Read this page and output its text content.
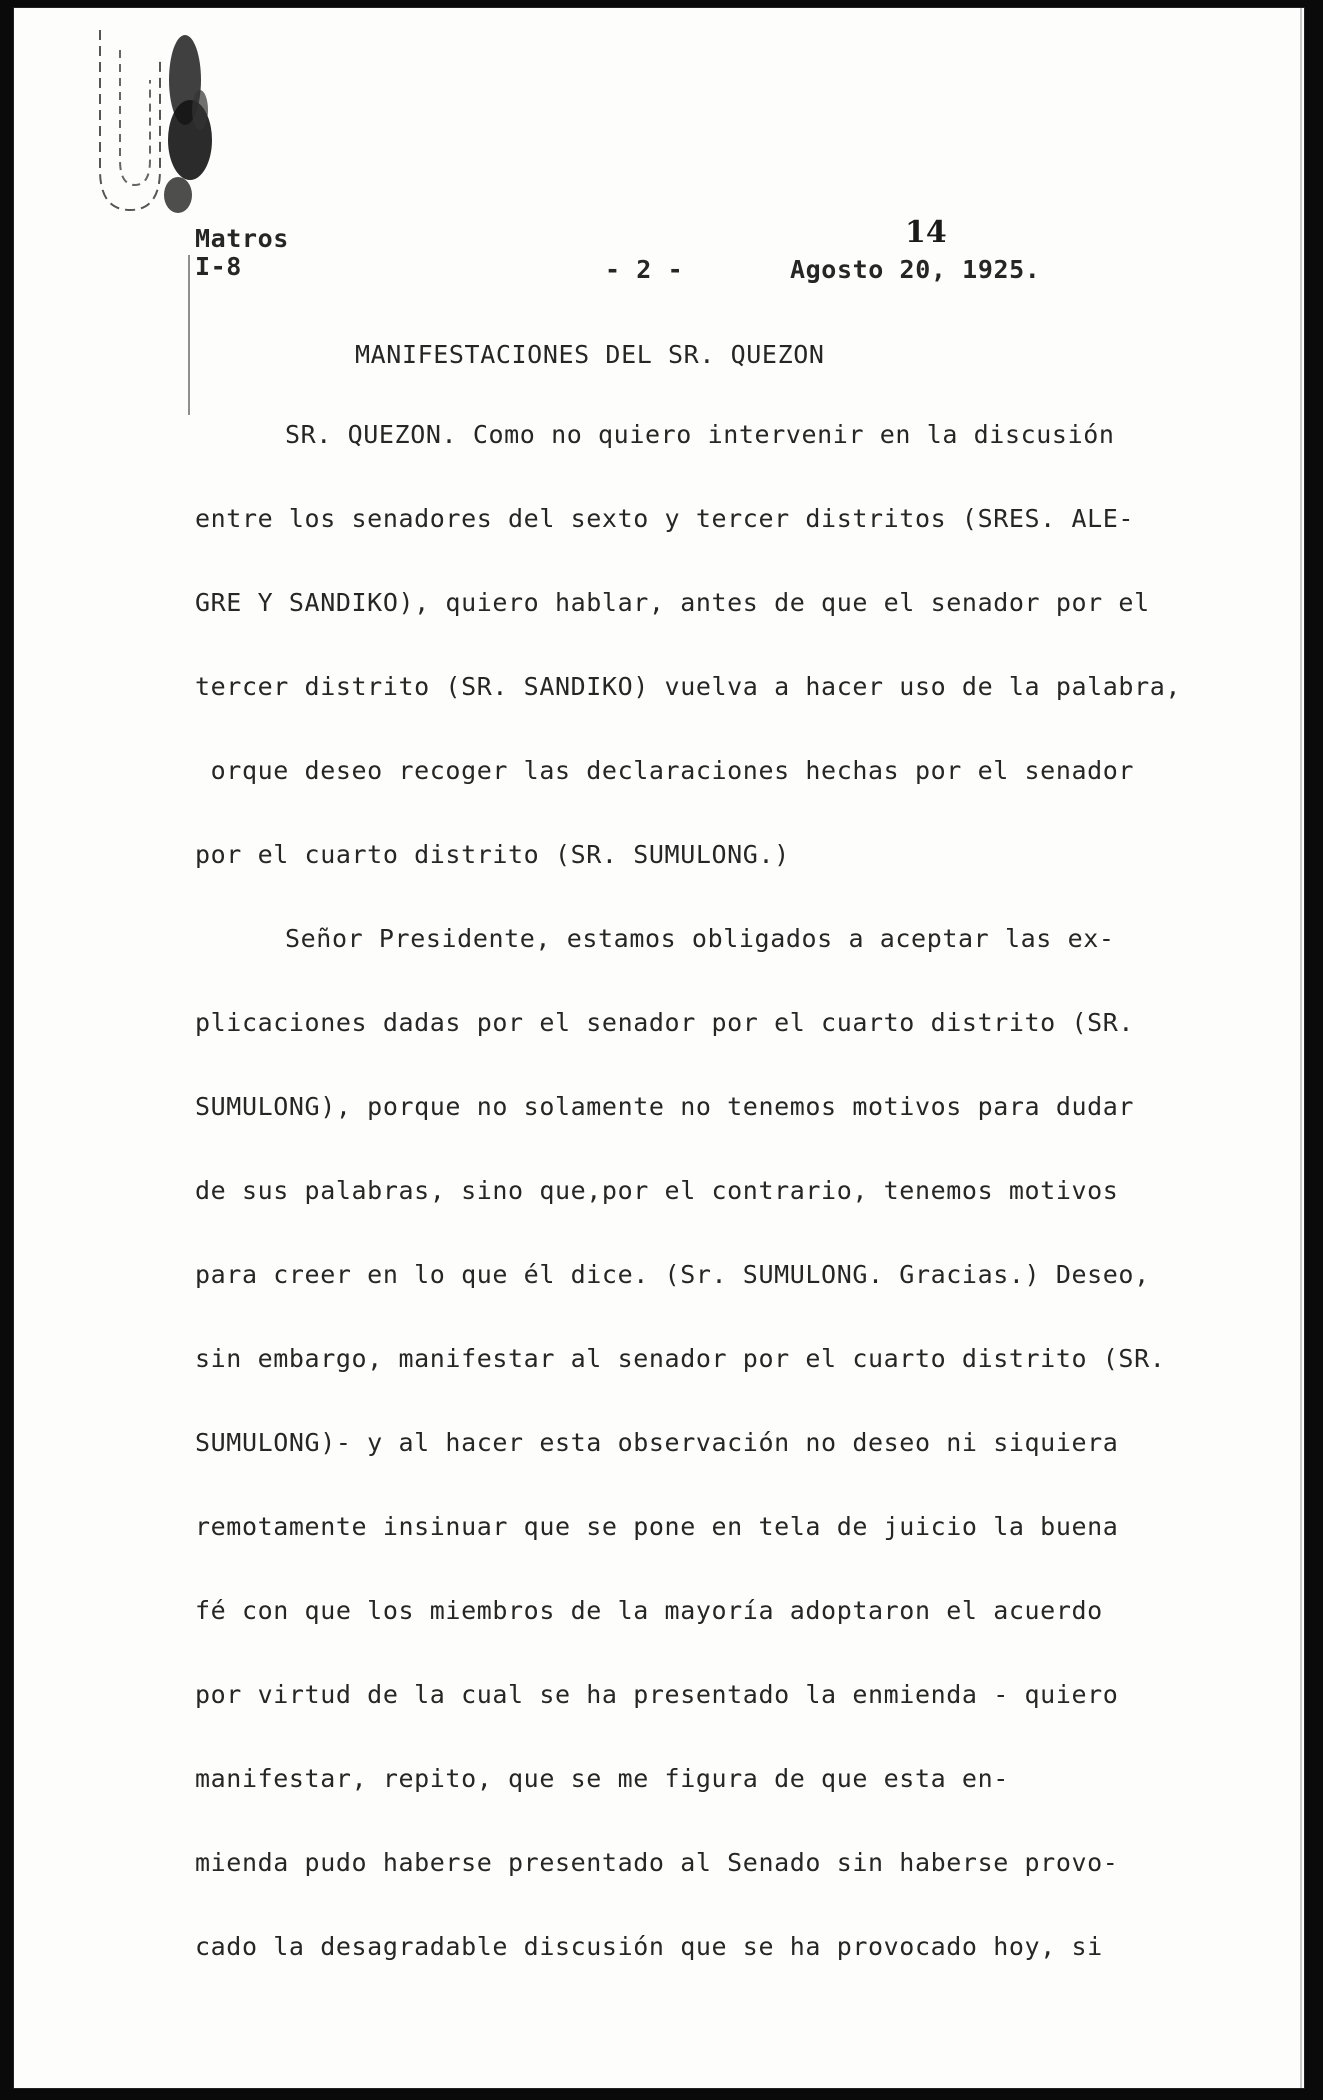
Matros
I-8	- 2 -	Agosto 20, 1925.
14
MANIFESTACIONES DEL SR. QUEZON
SR. QUEZON. Como no quiero intervenir en la discusión
entre los senadores del sexto y tercer distritos (SRES. ALE-
GRE Y SANDIKO), quiero hablar, antes de que el senador por el
tercer distrito (SR. SANDIKO) vuelva a hacer uso de la palabra,
orque deseo recoger las declaraciones hechas por el senador
por el cuarto distrito (SR. SUMULONG.)
Señor Presidente, estamos obligados a aceptar las ex-
plicaciones dadas por el senador por el cuarto distrito (SR.
SUMULONG), porque no solamente no tenemos motivos para dudar
de sus palabras, sino que,por el contrario, tenemos motivos
para creer en lo que él dice. (Sr. SUMULONG. Gracias.) Deseo,
sin embargo, manifestar al senador por el cuarto distrito (SR.
SUMULONG)- y al hacer esta observación no deseo ni siquiera
remotamente insinuar que se pone en tela de juicio la buena
fé con que los miembros de la mayoría adoptaron el acuerdo
por virtud de la cual se ha presentado la enmienda - quiero
manifestar, repito, que se me figura de que esta en-
mienda pudo haberse presentado al Senado sin haberse provo-
cado la desagradable discusión que se ha provocado hoy, si
